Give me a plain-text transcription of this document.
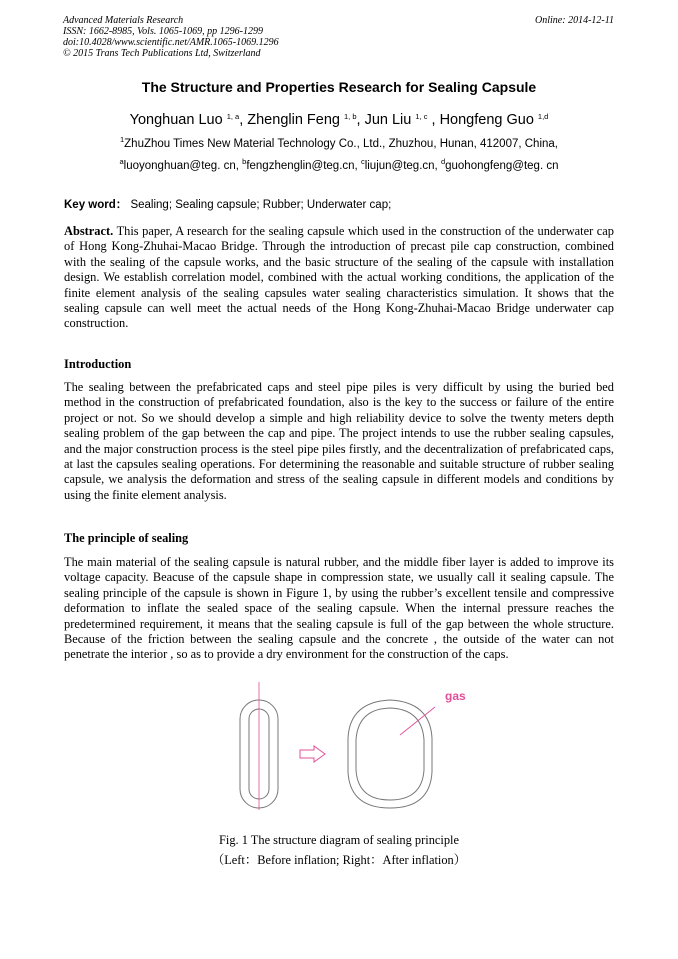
Advanced Materials Research
ISSN: 1662-8985, Vols. 1065-1069, pp 1296-1299
doi:10.4028/www.scientific.net/AMR.1065-1069.1296
© 2015 Trans Tech Publications Ltd, Switzerland
Online: 2014-12-11
The Structure and Properties Research for Sealing Capsule
Yonghuan Luo $^{1, a}$, Zhenglin Feng $^{1, b}$, Jun Liu $^{1, c}$ , Hongfeng Guo $^{1,d}$
$^1$ZhuZhou Times New Material Technology Co., Ltd., Zhuzhou, Hunan, 412007, China,
$^a$luoyonghuan@teg. cn, $^b$fengzhenglin@teg.cn, $^c$liujun@teg.cn, $^d$guohongfeng@teg. cn
Key word： Sealing; Sealing capsule; Rubber; Underwater cap;
Abstract. This paper, A research for the sealing capsule which used in the construction of the underwater cap of Hong Kong-Zhuhai-Macao Bridge. Through the introduction of precast pile cap construction, combined with the sealing of the capsule works, and the basic structure of the sealing of the capsule with installation design. We establish correlation model, combined with the actual working conditions, the application of the finite element analysis of the sealing capsules water sealing characteristics simulation. It shows that the sealing capsule can well meet the actual needs of the Hong Kong-Zhuhai-Macao Bridge underwater cap construction.
Introduction
The sealing between the prefabricated caps and steel pipe piles is very difficult by using the buried bed method in the construction of prefabricated foundation, also is the key to the success or failure of the entire project or not. So we should develop a simple and high reliability device to solve the twenty meters depth sealing problem of the gap between the cap and pipe. The project intends to use the rubber sealing capsules, and the major construction process is the steel pipe piles firstly, and the decentralization of prefabricated caps, at last the capsules sealing operations. For determining the reasonable and suitable structure of rubber sealing capsule, we analysis the deformation and stress of the sealing capsule in different models and conditions by using the finite element analysis.
The principle of sealing
The main material of the sealing capsule is natural rubber, and the middle fiber layer is added to improve its voltage capacity. Beacuse of the capsule shape in compression state, we usually call it sealing capsule. The sealing principle of the capsule is shown in Figure 1, by using the rubber’s excellent tensile and compressive deformation to inflate the sealed space of the sealing capsule. When the internal pressure reaches the predetermined requirement, it means that the sealing capsule is full of the gap between the whole structure. Because of the friction between the sealing capsule and the concrete , the outside of the water can not penetrate the interior , so as to provide a dry environment for the construction of the caps.
gas
Fig. 1 The structure diagram of sealing principle
（Left：Before inflation; Right：After inflation）
